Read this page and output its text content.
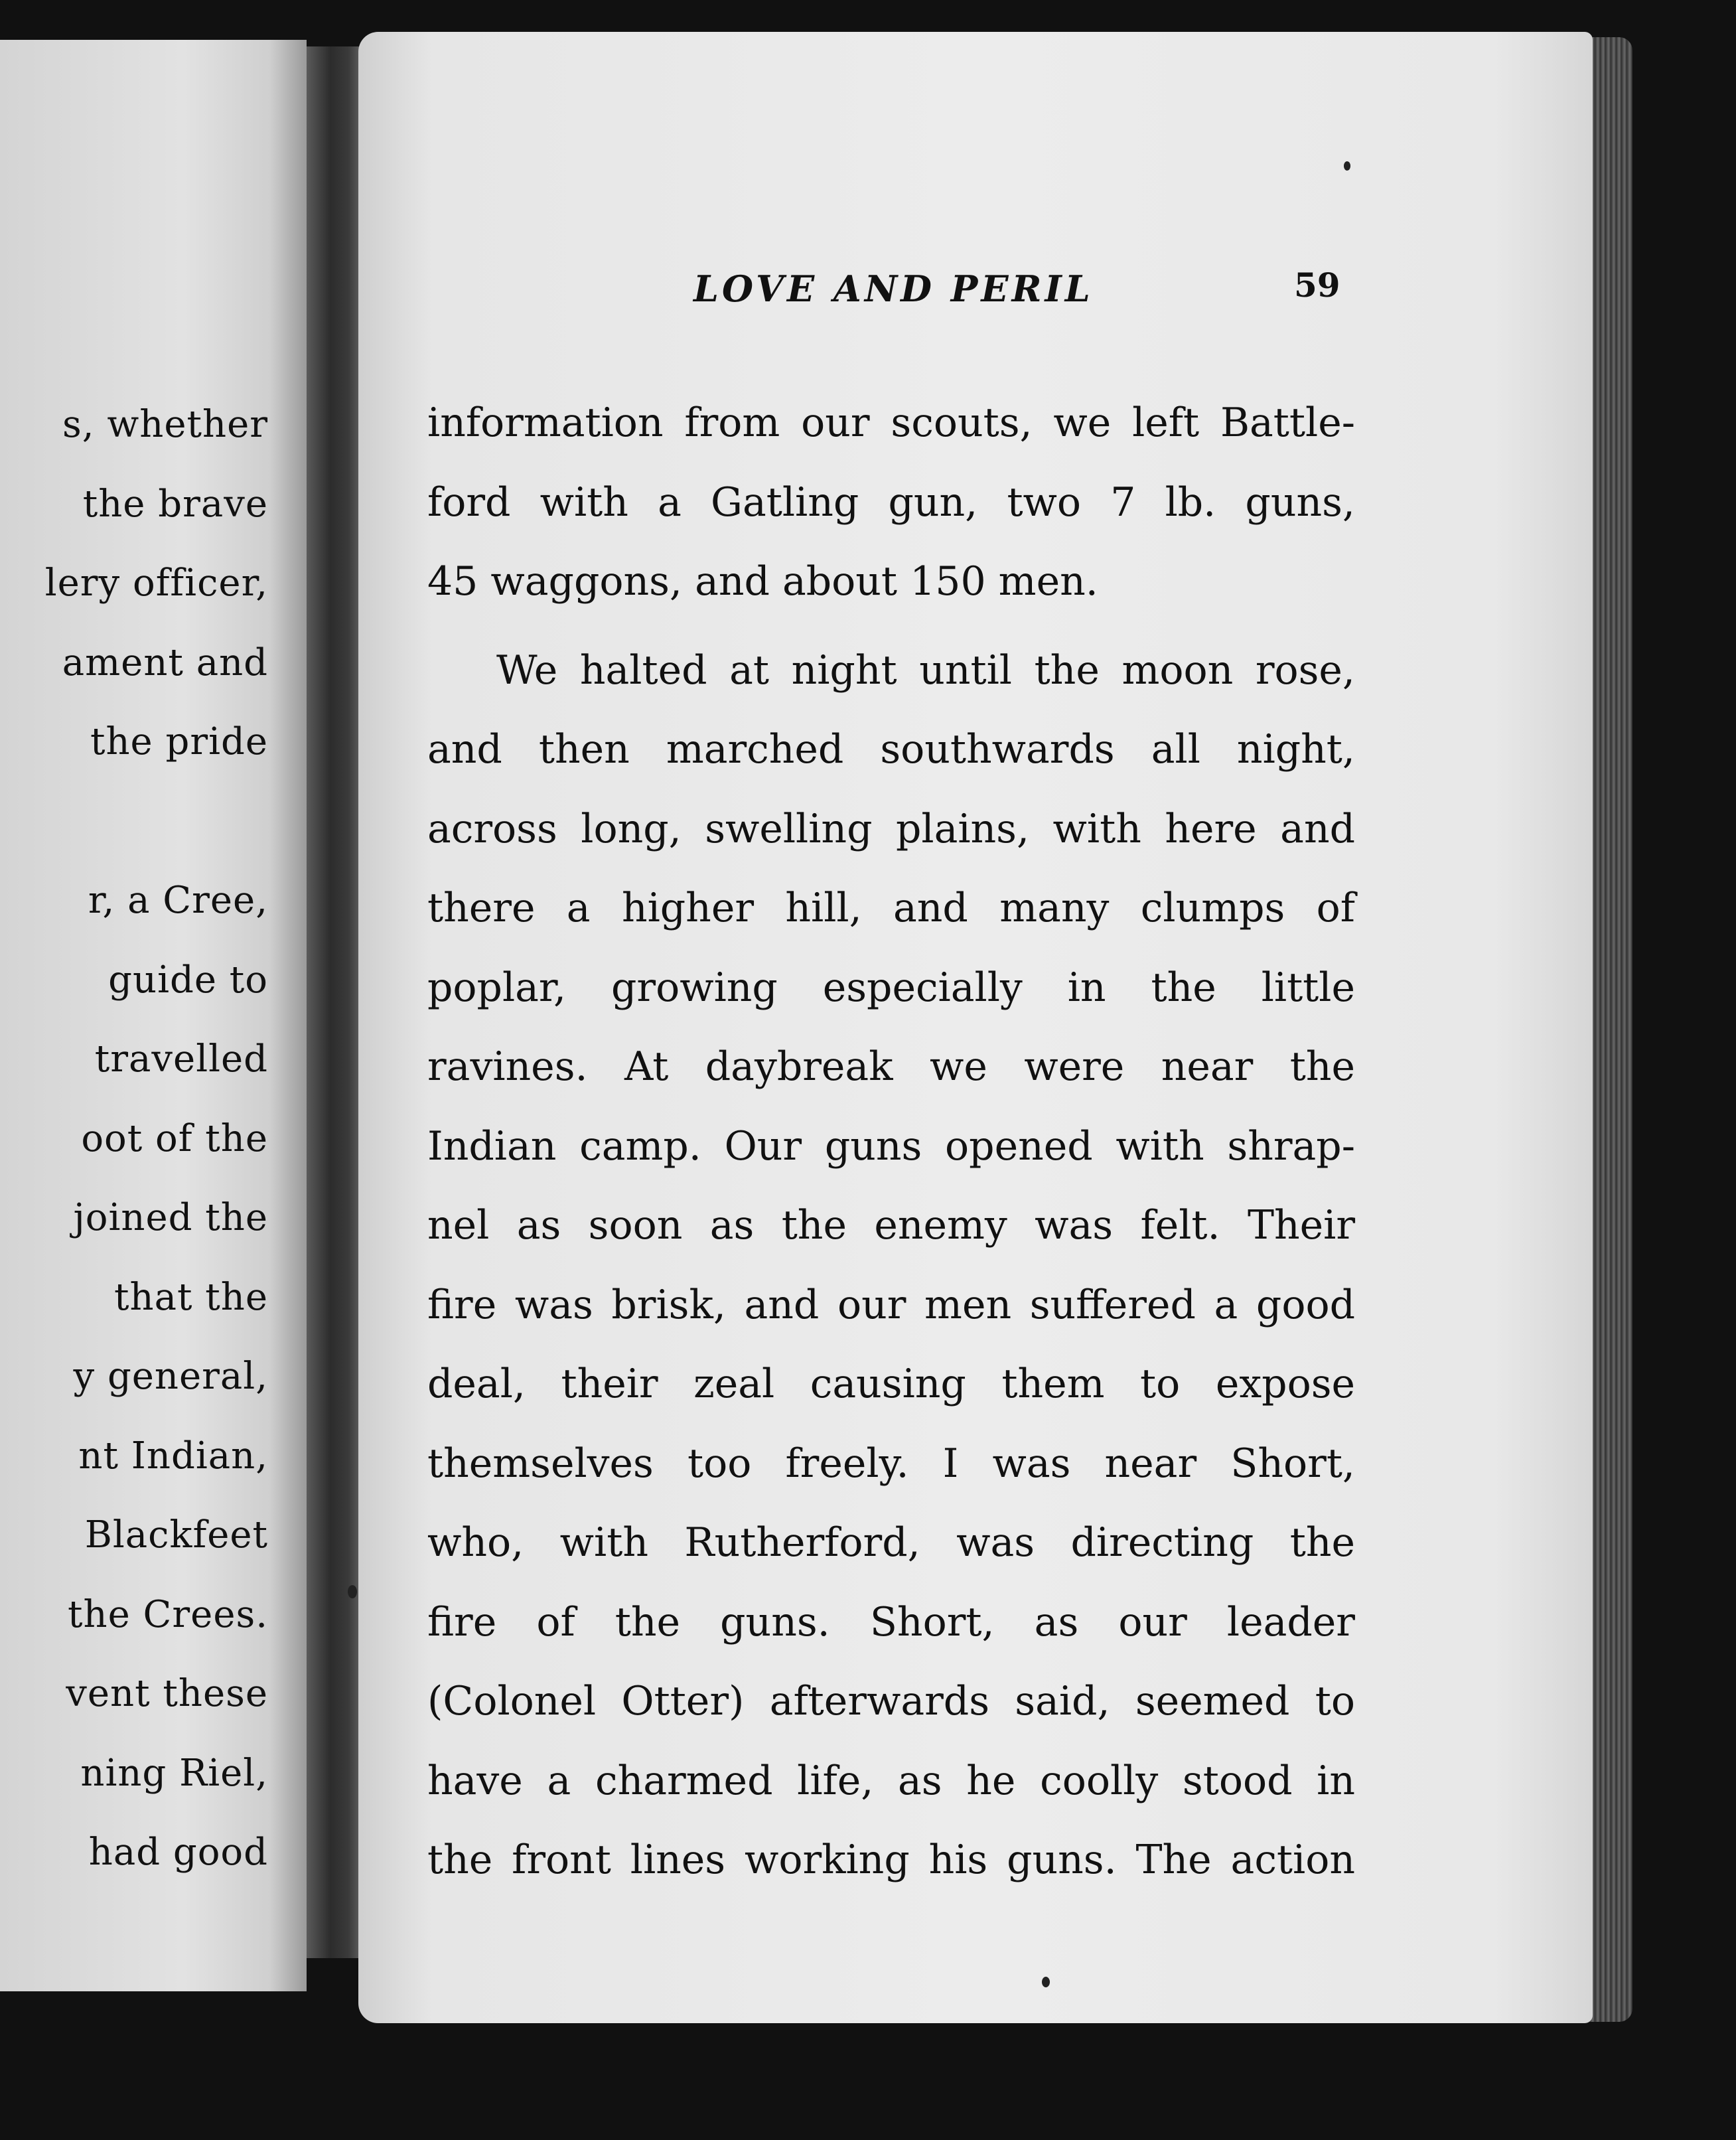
s, whether
the brave
lery officer,
ament and
the pride
r, a Cree,
guide to
travelled
oot of the
joined the
that the
y general,
nt Indian,
Blackfeet
the Crees.
vent these
ning Riel,
had good
LOVE AND PERIL	59
information from our scouts, we left Battle-
ford with a Gatling gun, two 7 lb. guns,
45 waggons, and about 150 men.
We halted at night until the moon rose,
and then marched southwards all night,
across long, swelling plains, with here and
there a higher hill, and many clumps of
poplar, growing especially in the little
ravines. At daybreak we were near the
Indian camp. Our guns opened with shrap-
nel as soon as the enemy was felt. Their
fire was brisk, and our men suffered a good
deal, their zeal causing them to expose
themselves too freely. I was near Short,
who, with Rutherford, was directing the
fire of the guns. Short, as our leader
(Colonel Otter) afterwards said, seemed to
have a charmed life, as he coolly stood in
the front lines working his guns. The action
